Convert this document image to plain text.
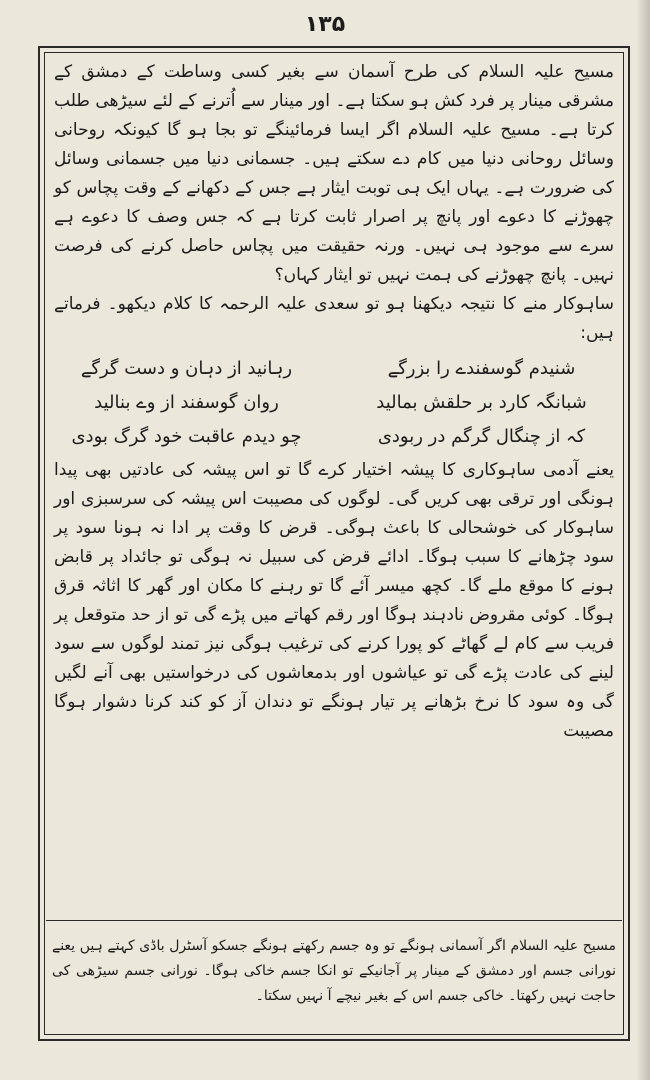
۱۳۵

مسیح علیہ السلام کی طرح آسمان سے بغیر کسی وساطت کے دمشق کے مشرقی مینار پر فرد کش ہو سکتا ہے۔ اور مینار سے اُترنے کے لئے سیڑھی طلب کرتا ہے۔ مسیح علیہ السلام اگر ایسا فرمائینگے تو بجا ہو گا کیونکہ روحانی وسائل روحانی دنیا میں کام دے سکتے ہیں۔ جسمانی دنیا میں جسمانی وسائل کی ضرورت ہے۔ یہاں ایک ہی توبت ایثار ہے جس کے دکھانے کے وقت پچاس کو چھوڑنے کا دعوے اور پانچ پر اصرار ثابت کرتا ہے کہ جس وصف کا دعوے ہے سرے سے موجود ہی نہیں۔ ورنہ حقیقت میں پچاس حاصل کرنے کی فرصت نہیں۔ پانچ چھوڑنے کی ہمت نہیں تو ایثار کہاں؟

ساہوکار منے کا نتیجہ دیکھنا ہو تو سعدی علیہ الرحمہ کا کلام دیکھو۔ فرماتے ہیں:

شنیدم گوسفندے را بزرگے
رہانید از دہان و دست گرگے
شبانگہ کارد بر حلقش بمالید
روان گوسفند از وے بنالید
کہ از چنگال گرگم در ربودی
چو دیدم عاقبت خود گرگ بودی

یعنے آدمی ساہوکاری کا پیشہ اختیار کرے گا تو اس پیشہ کی عادتیں بھی پیدا ہونگی اور ترقی بھی کریں گی۔ لوگوں کی مصیبت اس پیشہ کی سرسبزی اور ساہوکار کی خوشحالی کا باعث ہوگی۔ قرض کا وقت پر ادا نہ ہونا سود پر سود چڑھانے کا سبب ہوگا۔ ادائے قرض کی سبیل نہ ہوگی تو جائداد پر قابض ہونے کا موقع ملے گا۔ کچھ میسر آئے گا تو رہنے کا مکان اور گھر کا اثاثہ قرق ہوگا۔ کوئی مقروض نادہند ہوگا اور رقم کھاتے میں پڑے گی تو از حد متوقعل پر فریب سے کام لے گھاٹے کو پورا کرنے کی ترغیب ہوگی نیز تمند لوگوں سے سود لینے کی عادت پڑے گی تو عیاشوں اور بدمعاشوں کی درخواستیں بھی آنے لگیں گی وہ سود کا نرخ بڑھانے پر تیار ہونگے تو دندان آز کو کند کرنا دشوار ہوگا مصیبت

مسیح علیہ السلام اگر آسمانی ہونگے تو وہ جسم رکھتے ہونگے جسکو آسٹرل باڈی کہتے ہیں یعنے نورانی جسم اور دمشق کے مینار پر آجانیکے تو انکا جسم خاکی ہوگا۔ نورانی جسم سیڑھی کی حاجت نہیں رکھتا۔ خاکی جسم اس کے بغیر نیچے آ نہیں سکتا۔
